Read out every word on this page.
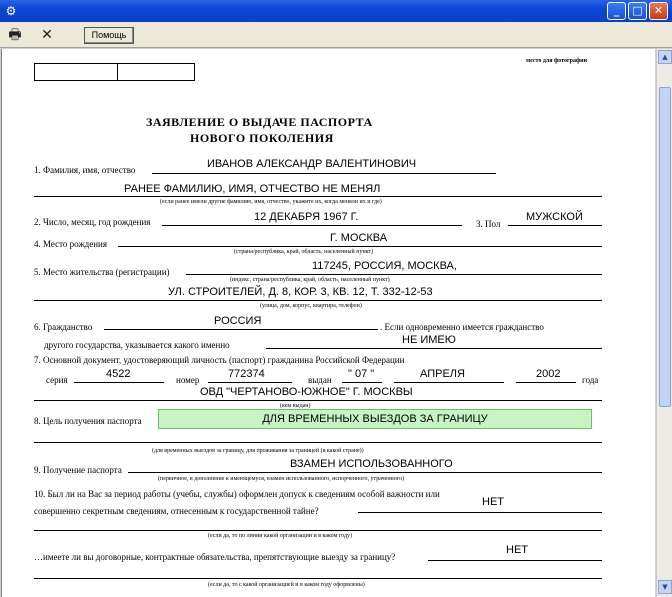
⚙	_	□	✕
🖶	✕	Помощь
место для фотографии
ЗАЯВЛЕНИЕ О ВЫДАЧЕ ПАСПОРТА
НОВОГО ПОКОЛЕНИЯ
1. Фамилия, имя, отчество	ИВАНОВ АЛЕКСАНДР ВАЛЕНТИНОВИЧ
РАНЕЕ ФАМИЛИЮ, ИМЯ, ОТЧЕСТВО НЕ МЕНЯЛ
(если ранее имели другие фамилию, имя, отчество, укажите их, когда меняли их и где)
2. Число, месяц, год рождения	12 ДЕКАБРЯ 1967 Г.
3. Пол
МУЖСКОЙ
4. Место рождения	Г. МОСКВА
(страна/республика, край, область, населенный пункт)
5. Место жительства (регистрации)	117245, РОССИЯ, МОСКВА,
(индекс, страна/республика, край, область, населенный пункт)
УЛ. СТРОИТЕЛЕЙ, Д. 8, КОР. 3, КВ. 12, Т. 332-12-53
(улица, дом, корпус, квартира, телефон)
6. Гражданство	РОССИЯ	. Если одновременно имеется гражданство
другого государства, указывается какого именно	НЕ ИМЕЮ
7. Основной документ, удостоверяющий личность (паспорт) гражданина Российской Федерации
серия	4522	номер	772374	выдан " 07 "	АПРЕЛЯ	2002 года
ОВД "ЧЕРТАНОВО-ЮЖНОЕ" Г. МОСКВЫ
(кем выдан)
8. Цель получения паспорта	ДЛЯ ВРЕМЕННЫХ ВЫЕЗДОВ ЗА ГРАНИЦУ
(для временных выездов за границу, для проживания за границей (в какой стране))
9. Получение паспорта	ВЗАМЕН ИСПОЛЬЗОВАННОГО
(первичное, в дополнение к имеющемуся, взамен использованного, испорченного, утраченного)
10. Был ли на Вас за период работы (учебы, службы) оформлен допуск к сведениям особой важности или
совершенно секретным сведениям, отнесенным к государственной тайне?
НЕТ
(если да, то по линии какой организации и в каком году)
…имеете ли вы договорные, контрактные обязательства, препятствующие выезду за границу?
НЕТ
(если да, то с какой организацией и в каком году оформлены)
▲
▼
